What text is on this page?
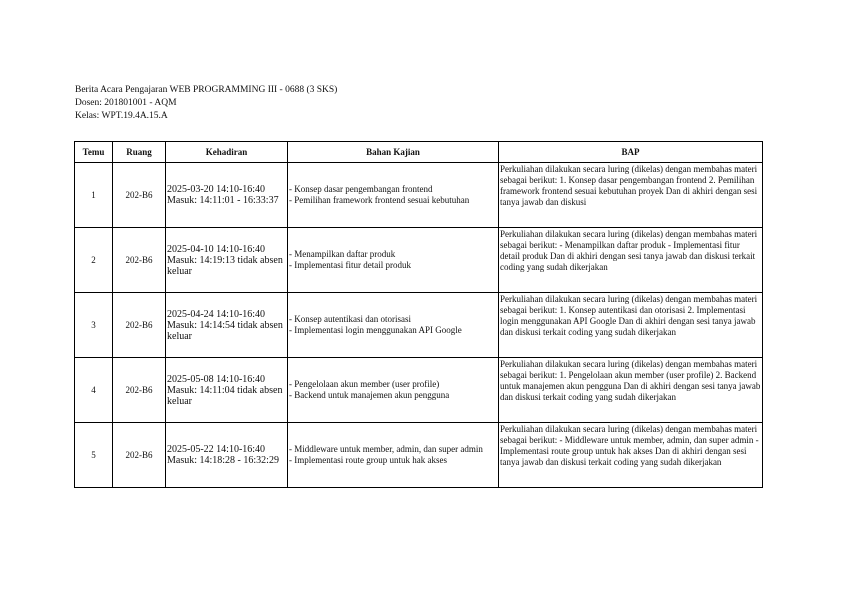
Berita Acara Pengajaran WEB PROGRAMMING III - 0688 (3 SKS)
Dosen: 201801001 - AQM
Kelas: WPT.19.4A.15.A
Temu	Ruang	Kehadiran	Bahan Kajian	BAP
1	202-B6	2025-03-20 14:10-16:40 Masuk: 14:11:01 - 16:33:37	- Konsep dasar pengembangan frontend
- Pemilihan framework frontend sesuai kebutuhan	Perkuliahan dilakukan secara luring (dikelas) dengan membahas materi sebagai berikut: 1. Konsep dasar pengembangan frontend 2. Pemilihan framework frontend sesuai kebutuhan proyek Dan di akhiri dengan sesi tanya jawab dan diskusi
2	202-B6	2025-04-10 14:10-16:40 Masuk: 14:19:13 tidak absen keluar	- Menampilkan daftar produk
- Implementasi fitur detail produk	Perkuliahan dilakukan secara luring (dikelas) dengan membahas materi sebagai berikut: - Menampilkan daftar produk - Implementasi fitur detail produk Dan di akhiri dengan sesi tanya jawab dan diskusi terkait coding yang sudah dikerjakan
3	202-B6	2025-04-24 14:10-16:40 Masuk: 14:14:54 tidak absen keluar	- Konsep autentikasi dan otorisasi
- Implementasi login menggunakan API Google	Perkuliahan dilakukan secara luring (dikelas) dengan membahas materi sebagai berikut: 1. Konsep autentikasi dan otorisasi 2. Implementasi login menggunakan API Google Dan di akhiri dengan sesi tanya jawab dan diskusi terkait coding yang sudah dikerjakan
4	202-B6	2025-05-08 14:10-16:40 Masuk: 14:11:04 tidak absen keluar	- Pengelolaan akun member (user profile)
- Backend untuk manajemen akun pengguna	Perkuliahan dilakukan secara luring (dikelas) dengan membahas materi sebagai berikut: 1. Pengelolaan akun member (user profile) 2. Backend untuk manajemen akun pengguna Dan di akhiri dengan sesi tanya jawab dan diskusi terkait coding yang sudah dikerjakan
5	202-B6	2025-05-22 14:10-16:40 Masuk: 14:18:28 - 16:32:29	- Middleware untuk member, admin, dan super admin
- Implementasi route group untuk hak akses	Perkuliahan dilakukan secara luring (dikelas) dengan membahas materi sebagai berikut: - Middleware untuk member, admin, dan super admin - Implementasi route group untuk hak akses Dan di akhiri dengan sesi tanya jawab dan diskusi terkait coding yang sudah dikerjakan
